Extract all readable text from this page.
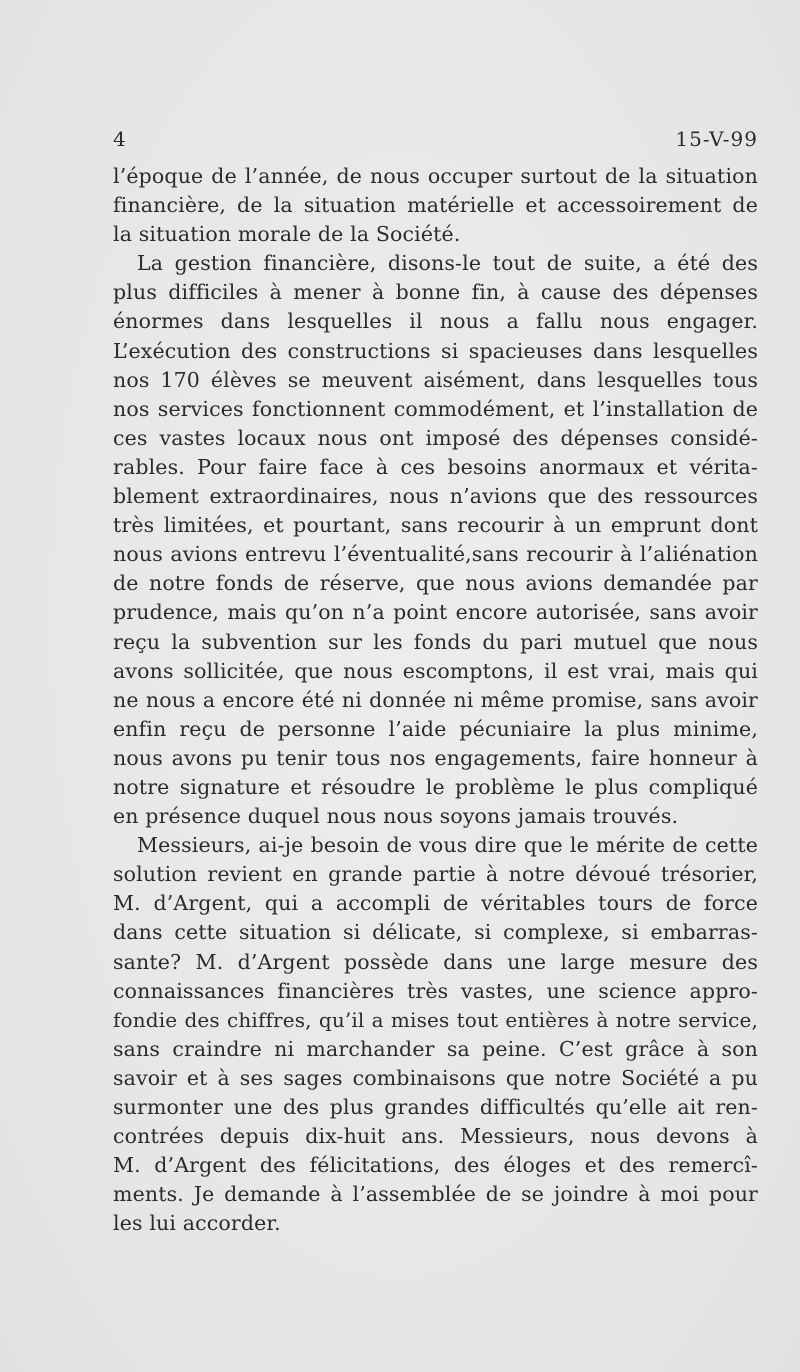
4	15-V-99
l’époque de l’année, de nous occuper surtout de la situation
financière, de la situation matérielle et accessoirement de
la situation morale de la Société.
La gestion financière, disons-le tout de suite, a été des
plus difficiles à mener à bonne fin, à cause des dépenses
énormes dans lesquelles il nous a fallu nous engager.
L’exécution des constructions si spacieuses dans lesquelles
nos 170 élèves se meuvent aisément, dans lesquelles tous
nos services fonctionnent commodément, et l’installation de
ces vastes locaux nous ont imposé des dépenses considé-
rables. Pour faire face à ces besoins anormaux et vérita-
blement extraordinaires, nous n’avions que des ressources
très limitées, et pourtant, sans recourir à un emprunt dont
nous avions entrevu l’éventualité,sans recourir à l’aliénation
de notre fonds de réserve, que nous avions demandée par
prudence, mais qu’on n’a point encore autorisée, sans avoir
reçu la subvention sur les fonds du pari mutuel que nous
avons sollicitée, que nous escomptons, il est vrai, mais qui
ne nous a encore été ni donnée ni même promise, sans avoir
enfin reçu de personne l’aide pécuniaire la plus minime,
nous avons pu tenir tous nos engagements, faire honneur à
notre signature et résoudre le problème le plus compliqué
en présence duquel nous nous soyons jamais trouvés.
Messieurs, ai-je besoin de vous dire que le mérite de cette
solution revient en grande partie à notre dévoué trésorier,
M. d’Argent, qui a accompli de véritables tours de force
dans cette situation si délicate, si complexe, si embarras-
sante? M. d’Argent possède dans une large mesure des
connaissances financières très vastes, une science appro-
fondie des chiffres, qu’il a mises tout entières à notre service,
sans craindre ni marchander sa peine. C’est grâce à son
savoir et à ses sages combinaisons que notre Société a pu
surmonter une des plus grandes difficultés qu’elle ait ren-
contrées depuis dix-huit ans. Messieurs, nous devons à
M. d’Argent des félicitations, des éloges et des remercî-
ments. Je demande à l’assemblée de se joindre à moi pour
les lui accorder.
